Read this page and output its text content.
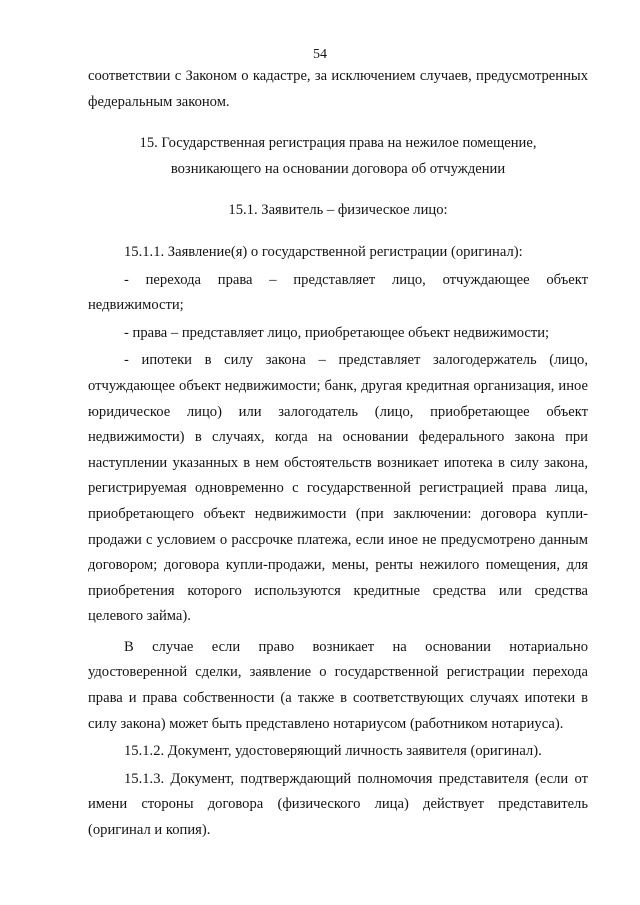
54

соответствии с Законом о кадастре, за исключением случаев, предусмотренных федеральным законом.

15. Государственная регистрация права на нежилое помещение,

возникающего на основании договора об отчуждении

15.1. Заявитель – физическое лицо:

15.1.1. Заявление(я) о государственной регистрации (оригинал):

- перехода права – представляет лицо, отчуждающее объект недвижимости;

- права – представляет лицо, приобретающее объект недвижимости;

- ипотеки в силу закона – представляет залогодержатель (лицо, отчуждающее объект недвижимости; банк, другая кредитная организация, иное юридическое лицо) или залогодатель (лицо, приобретающее объект недвижимости) в случаях, когда на основании федерального закона при наступлении указанных в нем обстоятельств возникает ипотека в силу закона, регистрируемая одновременно с государственной регистрацией права лица, приобретающего объект недвижимости (при заключении: договора купли-продажи с условием о рассрочке платежа, если иное не предусмотрено данным договором; договора купли-продажи, мены, ренты нежилого помещения, для приобретения которого используются кредитные средства или средства целевого займа).

В случае если право возникает на основании нотариально удостоверенной сделки, заявление о государственной регистрации перехода права и права собственности (а также в соответствующих случаях ипотеки в силу закона) может быть представлено нотариусом (работником нотариуса).

15.1.2. Документ, удостоверяющий личность заявителя (оригинал).

15.1.3. Документ, подтверждающий полномочия представителя (если от имени стороны договора (физического лица) действует представитель (оригинал и копия).
